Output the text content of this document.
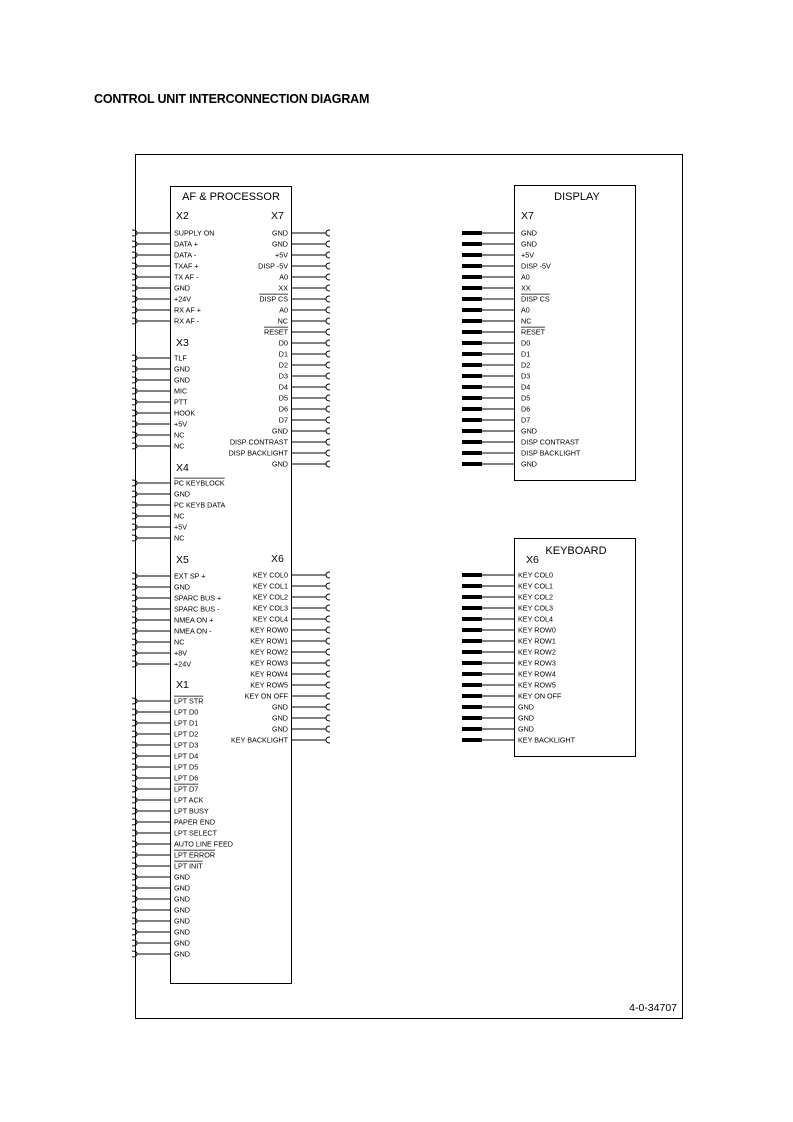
CONTROL UNIT INTERCONNECTION DIAGRAM
AF & PROCESSOR
X2
SUPPLY ON
DATA +
DATA -
TXAF +
TX AF -
GND
+24V
RX AF +
RX AF -
X3
TLF
GND
GND
MIC
PTT
HOOK
+5V
NC
NC
X4
PC KEYBLOCK
GND
PC KEYB DATA
NC
+5V
NC
X5
EXT SP +
GND
SPARC BUS +
SPARC BUS -
NMEA ON +
NMEA ON -
NC
+8V
+24V
X1
LPT STR
LPT D0
LPT D1
LPT D2
LPT D3
LPT D4
LPT D5
LPT D6
LPT D7
LPT ACK
LPT BUSY
PAPER END
LPT SELECT
AUTO LINE FEED
LPT ERROR
LPT INIT
GND
GND
GND
GND
GND
GND
GND
GND
X7
GND
GND
+5V
DISP -5V
A0
XX
DISP CS
A0
NC
RESET
D0
D1
D2
D3
D4
D5
D6
D7
GND
DISP CONTRAST
DISP BACKLIGHT
GND
X6
KEY COL0
KEY COL1
KEY COL2
KEY COL3
KEY COL4
KEY ROW0
KEY ROW1
KEY ROW2
KEY ROW3
KEY ROW4
KEY ROW5
KEY ON OFF
GND
GND
GND
KEY BACKLIGHT
DISPLAY
X7
GND
GND
+5V
DISP -5V
A0
XX
DISP CS
A0
NC
RESET
D0
D1
D2
D3
D4
D5
D6
D7
GND
DISP CONTRAST
DISP BACKLIGHT
GND
KEYBOARD
X6
KEY COL0
KEY COL1
KEY COL2
KEY COL3
KEY COL4
KEY ROW0
KEY ROW1
KEY ROW2
KEY ROW3
KEY ROW4
KEY ROW5
KEY ON OFF
GND
GND
GND
KEY BACKLIGHT
4-0-34707
